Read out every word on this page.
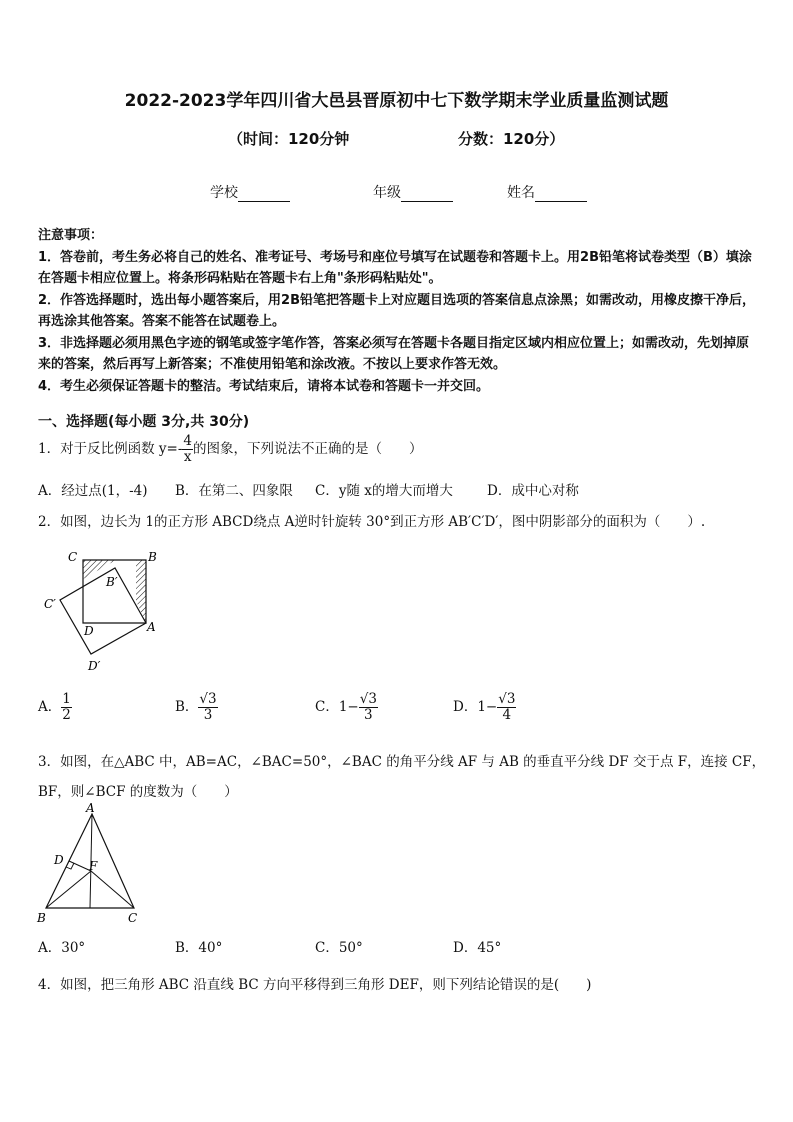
2022-2023学年四川省大邑县晋原初中七下数学期末学业质量监测试题
（时间：120分钟	分数：120分）
学校	年级	姓名
注意事项：
1．答卷前，考生务必将自己的姓名、准考证号、考场号和座位号填写在试题卷和答题卡上。用2B铅笔将试卷类型（B）填涂在答题卡相应位置上。将条形码粘贴在答题卡右上角"条形码粘贴处"。
2．作答选择题时，选出每小题答案后，用2B铅笔把答题卡上对应题目选项的答案信息点涂黑；如需改动，用橡皮擦干净后，再选涂其他答案。答案不能答在试题卷上。
3．非选择题必须用黑色字迹的钢笔或签字笔作答，答案必须写在答题卡各题目指定区域内相应位置上；如需改动，先划掉原来的答案，然后再写上新答案；不准使用铅笔和涂改液。不按以上要求作答无效。
4．考生必须保证答题卡的整洁。考试结束后，请将本试卷和答题卡一并交回。
一、选择题(每小题 3分,共 30分)
1．对于反比例函数 $y=- \frac{4}{x}$ 的图象，下列说法不正确的是（　　）
A．经过点(1，-4) B．在第二、四象限 C．y随 x的增大而增大	D．成中心对称
2．如图，边长为 1的正方形 ABCD绕点 A逆时针旋转 30°到正方形 AB′C′D′，图中阴影部分的面积为（　　）.
C	B
B′
C′
D	A
D′
A． $\frac{1}{2}$	B． $\frac{√3}{3}$	C．$1- \frac{√3}{3}$	D．$1- \frac{√3}{4}$
3．如图，在△ABC 中，AB=AC，∠BAC=50°，∠BAC 的角平分线 AF 与 AB 的垂直平分线 DF 交于点 F，连接 CF，
BF，则∠BCF 的度数为（　　）
A
D F
B	C
A．30°	B．40°	C．50°	D．45°
4．如图，把三角形 ABC 沿直线 BC 方向平移得到三角形 DEF，则下列结论错误的是(　　)
